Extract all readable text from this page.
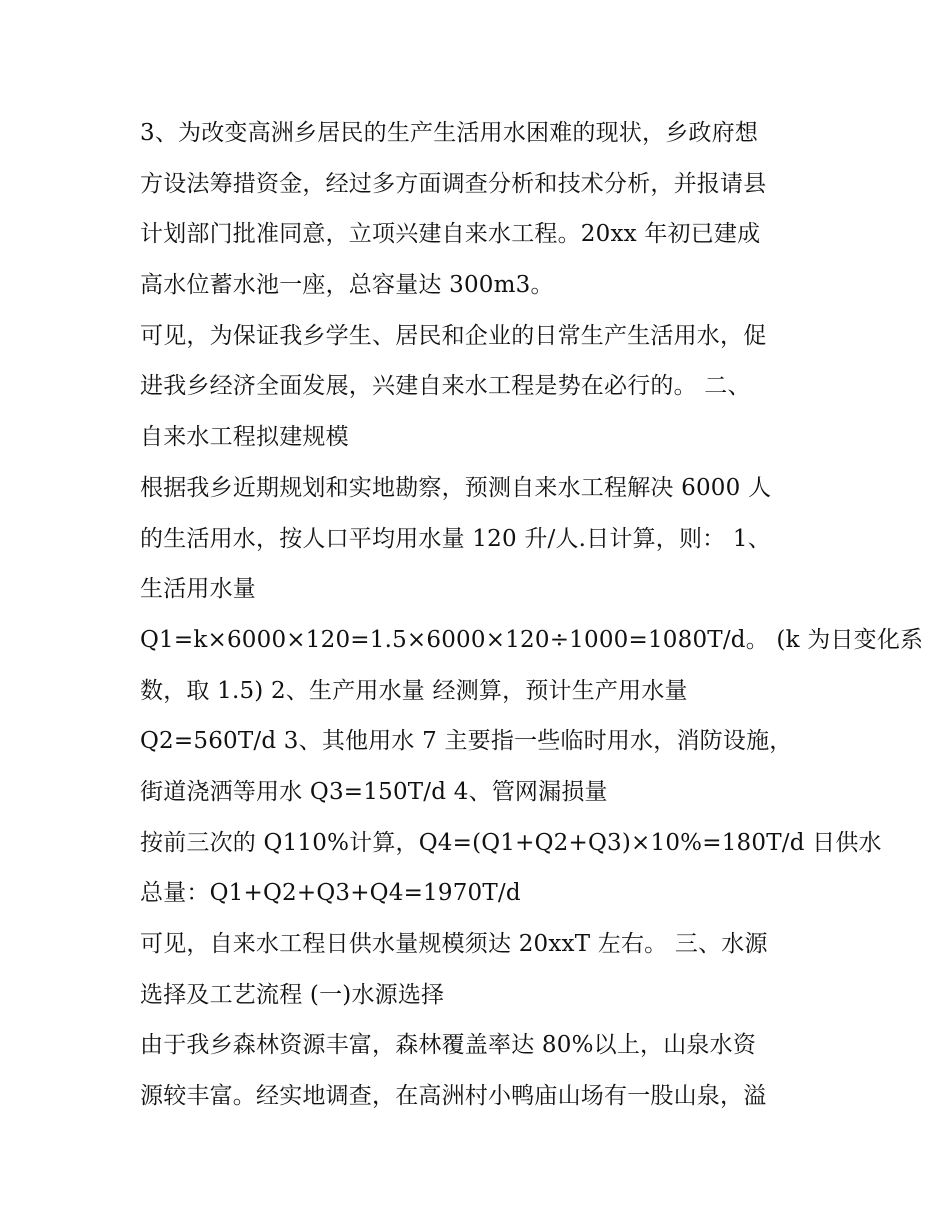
3、为改变高洲乡居民的生产生活用水困难的现状，乡政府想
方设法筹措资金，经过多方面调查分析和技术分析，并报请县
计划部门批准同意，立项兴建自来水工程。20xx 年初已建成
高水位蓄水池一座，总容量达 300m3。
可见，为保证我乡学生、居民和企业的日常生产生活用水，促
进我乡经济全面发展，兴建自来水工程是势在必行的。 二、
自来水工程拟建规模
根据我乡近期规划和实地勘察，预测自来水工程解决 6000 人
的生活用水，按人口平均用水量 120 升/人.日计算，则： 1、
生活用水量
Q1=k×6000×120=1.5×6000×120÷1000=1080T/d。 (k 为日变化系
数，取 1.5) 2、生产用水量 经测算，预计生产用水量
Q2=560T/d 3、其他用水 7 主要指一些临时用水，消防设施，
街道浇洒等用水 Q3=150T/d 4、管网漏损量
按前三次的 Q110%计算，Q4=(Q1+Q2+Q3)×10%=180T/d 日供水
总量：Q1+Q2+Q3+Q4=1970T/d
可见，自来水工程日供水量规模须达 20xxT 左右。 三、水源
选择及工艺流程 (一)水源选择
由于我乡森林资源丰富，森林覆盖率达 80%以上，山泉水资
源较丰富。经实地调查，在高洲村小鸭庙山场有一股山泉，溢
